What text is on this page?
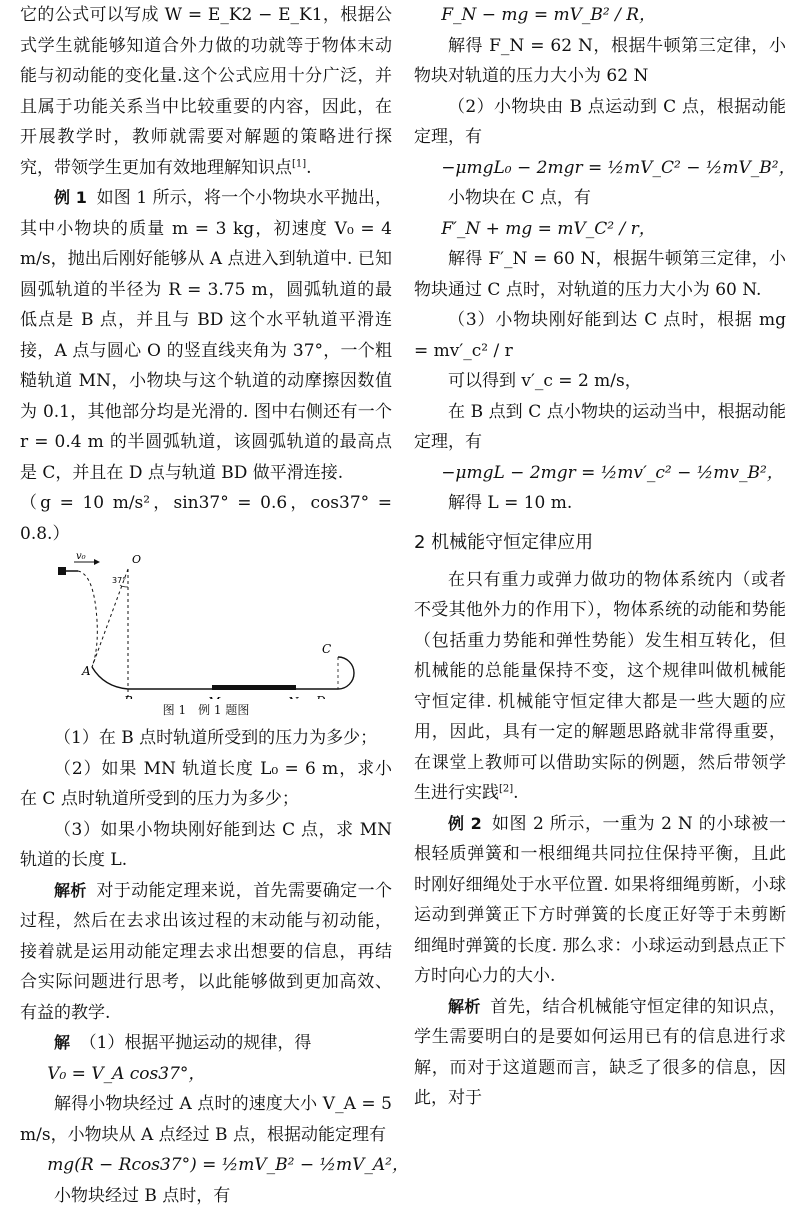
它的公式可以写成 W = E_K2 − E_K1，根据公式学生就能够知道合外力做的功就等于物体末动能与初动能的变化量.这个公式应用十分广泛，并且属于功能关系当中比较重要的内容，因此，在开展教学时，教师就需要对解题的策略进行探究，带领学生更加有效地理解知识点[1].

例 1 如图 1 所示，将一个小物块水平抛出，其中小物块的质量 m = 3 kg，初速度 V₀ = 4 m/s，抛出后刚好能够从 A 点进入到轨道中. 已知圆弧轨道的半径为 R = 3.75 m，圆弧轨道的最低点是 B 点，并且与 BD 这个水平轨道平滑连接，A 点与圆心 O 的竖直线夹角为 37°，一个粗糙轨道 MN，小物块与这个轨道的动摩擦因数值为 0.1，其他部分均是光滑的. 图中右侧还有一个 r = 0.4 m 的半圆弧轨道，该圆弧轨道的最高点是 C，并且在 D 点与轨道 BD 做平滑连接.

（g = 10 m/s²，sin37° = 0.6，cos37° = 0.8.）

v₀	O
37°
A
C

图 1　例 1 题图

（1）在 B 点时轨道所受到的压力为多少；

（2）如果 MN 轨道长度 L₀ = 6 m，求小在 C 点时轨道所受到的压力为多少；

（3）如果小物块刚好能到达 C 点，求 MN 轨道的长度 L.

解析 对于动能定理来说，首先需要确定一个过程，然后在去求出该过程的末动能与初动能，接着就是运用动能定理去求出想要的信息，再结合实际问题进行思考，以此能够做到更加高效、有益的教学.

解 （1）根据平抛运动的规律，得

V₀ = V_A cos37°，

解得小物块经过 A 点时的速度大小 V_A = 5 m/s，小物块从 A 点经过 B 点，根据动能定理有

mg(R − Rcos37°) = ½mV_B² − ½mV_A²，

小物块经过 B 点时，有

F_N − mg = mV_B² / R，

解得 F_N = 62 N，根据牛顿第三定律，小物块对轨道的压力大小为 62 N

（2）小物块由 B 点运动到 C 点，根据动能定理，有

−μmgL₀ − 2mgr = ½mV_C² − ½mV_B²，

小物块在 C 点，有

F′_N + mg = mV_C² / r，

解得 F′_N = 60 N，根据牛顿第三定律，小物块通过 C 点时，对轨道的压力大小为 60 N.

（3）小物块刚好能到达 C 点时，根据 mg = mv′_c² / r

可以得到 v′_c = 2 m/s，

在 B 点到 C 点小物块的运动当中，根据动能定理，有

−μmgL − 2mgr = ½mv′_c² − ½mv_B²，

解得 L = 10 m.

2 机械能守恒定律应用

在只有重力或弹力做功的物体系统内（或者不受其他外力的作用下），物体系统的动能和势能（包括重力势能和弹性势能）发生相互转化，但机械能的总能量保持不变，这个规律叫做机械能守恒定律. 机械能守恒定律大都是一些大题的应用，因此，具有一定的解题思路就非常得重要，在课堂上教师可以借助实际的例题，然后带领学生进行实践[2].

例 2 如图 2 所示，一重为 2 N 的小球被一根轻质弹簧和一根细绳共同拉住保持平衡，且此时刚好细绳处于水平位置. 如果将细绳剪断，小球运动到弹簧正下方时弹簧的长度正好等于未剪断细绳时弹簧的长度. 那么求：小球运动到悬点正下方时向心力的大小.

解析 首先，结合机械能守恒定律的知识点，学生需要明白的是要如何运用已有的信息进行求解，而对于这道题而言，缺乏了很多的信息，因此，对于
